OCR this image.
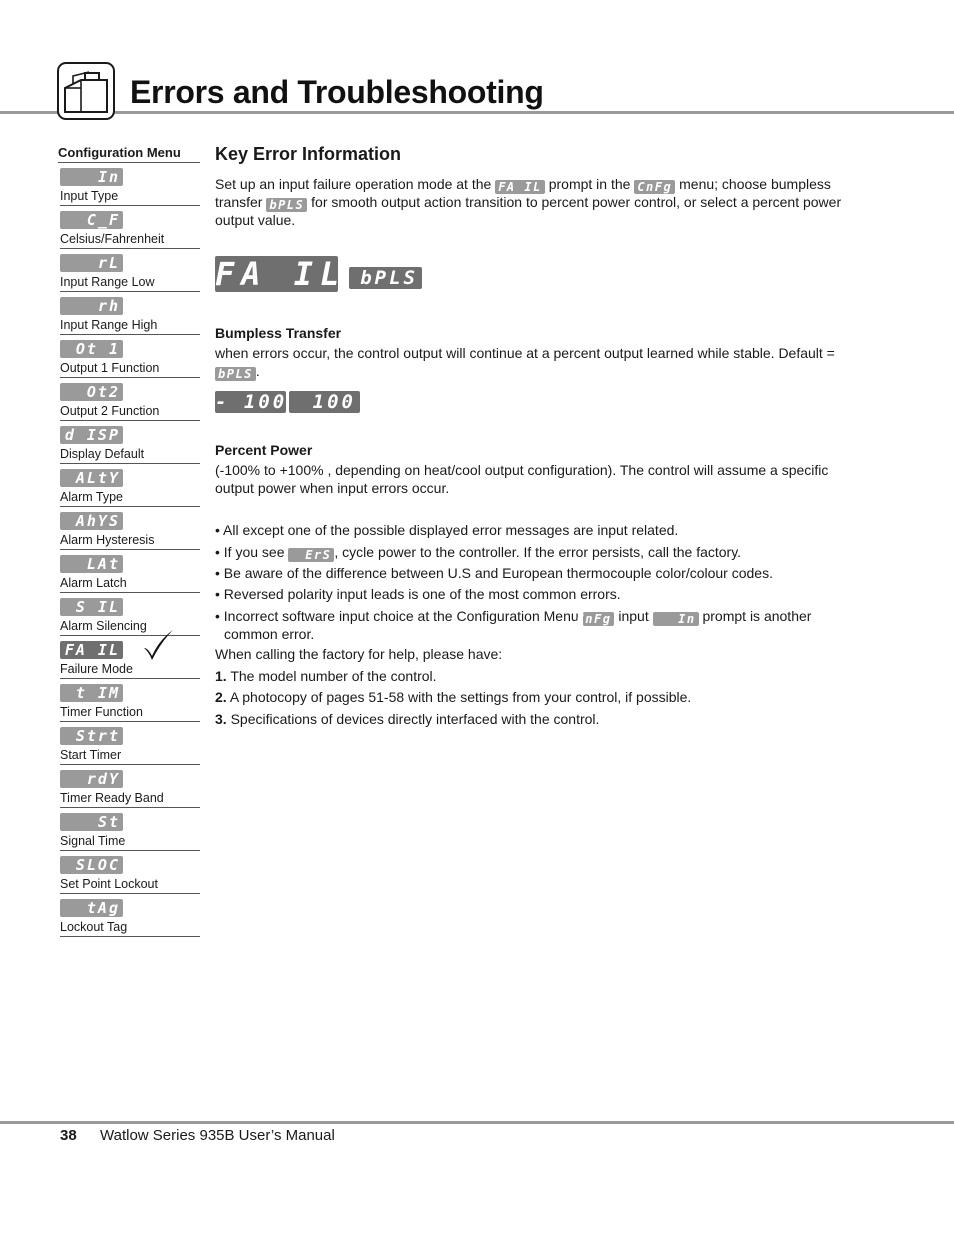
Errors and Troubleshooting
Configuration Menu
In
Input Type
C_F
Celsius/Fahrenheit
rL
Input Range Low
rh
Input Range High
Ot 1
Output 1 Function
Ot2
Output 2 Function
d ISP
Display Default
ALtY
Alarm Type
AhYS
Alarm Hysteresis
LAt
Alarm Latch
S IL
Alarm Silencing
FA IL
Failure Mode
t IM
Timer Function
Strt
Start Timer
rdY
Timer Ready Band
St
Signal Time
SLOC
Set Point Lockout
tAg
Lockout Tag
Key Error Information
Set up an input failure operation mode at the FA IL prompt in the CnFg menu; choose bumpless transfer bPLS for smooth output action transition to percent power control, or select a percent power output value.
FA IL bPLS
Bumpless Transfer
when errors occur, the control output will continue at a percent output learned while stable. Default = bPLS .
- 100	100
Percent Power
(-100% to +100% , depending on heat/cool output configuration). The control will assume a specific output power when input errors occur.
• All except one of the possible displayed error messages are input related.
• If you see ErS , cycle power to the controller. If the error persists, call the factory.
• Be aware of the difference between U.S and European thermocouple color/colour codes.
• Reversed polarity input leads is one of the most common errors.
• Incorrect software input choice at the Configuration Menu CnFg input In prompt is another common error.
When calling the factory for help, please have:
1. The model number of the control.
2. A photocopy of pages 51-58 with the settings from your control, if possible.
3. Specifications of devices directly interfaced with the control.
38 Watlow Series 935B User’s Manual
